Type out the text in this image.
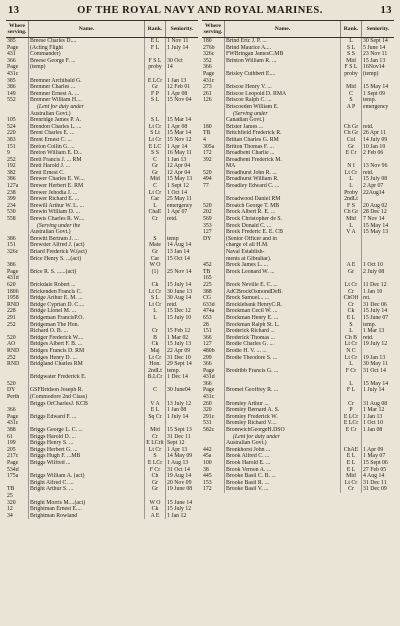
13	OF THE ROYAL NAVY AND ROYAL MARINES.	13
Where serving.	Name.	Rank.	Seniority.
385	Breese Charles D....	E L	1 Nov 11
Page	(Acting Flight	F L	1 July 14
431	Commander)		
366	Breese George F. ...	F S L	30 Oct
Page	(temp)	proby	14
431c			
385	Bremner Archibald G.	E LCr	1 Jan 13
386	Bremner Charles ...	Gr	12 Feb 01
149	Bremner Ernest A. ...	F P	1 Apr 08
552	Bremner William H....	S L	15 Nov 04
	(Lent for duty under		
	Australian Govt.)		
105	Brenridge James P. A.	S L	15 Mar 14
524	Brendon Charles L. ...	Lt Cr	1 Apr 08
220	Brent Charles E. ...	S Lt	15 Mar 14
383	Brent Ernest C. ...	Lt Cr	15 Nov 12
151	Breton Collin G. ...	E LC	1 Apr 14
9	Breton William E. D...	S S	16 May 11
252	Brett Francis J. ... RM	C	1 Jan 13
192	Brett Harold J. ...	Gr	12 Apr 04
382	Brett Ernest C.	Gr	12 Apr 04
386	Brewer Charles E. W....	Mid	15 May 13
127a	Brewer Herbert E. RM	C	1 Sept 12
238	Brewer Jehodia J. ...	Lt Cr	1 Oct 14
399	Brewer Richard E. ...	Car	25 May 11
234	Brewill Arthur W. L. ...	L	emergency
530	Brewin William D. ...	ChaE	1 Apr 07
558	Brewis Charles R. W....	Cr	retd.
	(Serving under the		
	Australian Govt.)		
386	Brewitt Bertram J. ...	S	temp
151	Brewster Alfred J. (act)	Mate	14 Aug 14
326c	Briard Frederick W.(act)	Gr	13 Jan 14
	Brice Henry S. ...(act)	Car	15 Oct 14
386		W O	
Page	Brice R. S. ......(act)	(1)	25 Nov 14
431d			
620	Brickdale Robert ...	Ck	15 July 14
1806	Brickenden Francis C.	Lt Cr	30 June 13
1958	Bridge Arthur E. M. ...	S L	30 Aug 14
RND	Bridge Cyprian D. C....	Lt Cr	retd.
228	Bridge Lionel M. ...	L	15 Dec 12
291	Bridgeman FrancisP.O.	L	15 July 10
252	Bridgeman The Hon.		
	Richard O. B. ...	Cr	15 Feb 12
520	Bridger Frederick W....	B	1 Mar 02
AO	Bridges Albert F. B. ...	Ck	15 July 13
RND	Bridges Francis D. RM	Maj	22 Apr 09
252	Bridges Henry D. ...	Lt Cr	31 Dec 10
RND	Bridgland Charles RM	Hon.	29 Sept 14
		2ndLt	temp.
	Bridgwater Frederick E.	B.LCr	1 Dec 14
520			
DY	GSFBridson Joseph R.	C	30 June04
Perth	(Commodore 2nd Class)		
	Briggs OrCharlesJ. KCB	V A	13 July 12
366		E L	1 Jan 08
Page	Briggs Edward F. ...	Sq Cr	1 July 14
431c			
388	Briggs George L. C. ...	Mid	15 Sept 13
61	Briggs Harold D. ...	Cr	31 Dec 11
199	Briggs Henry S. ...	E LCrlt	Sept 12
205	Briggs Herbert G. ...	Lt Cr	1 Apr 13
217c	Briggs Hugh F. ...MB	S	14 May 09
Page	Briggs Wilfred ...	E LCr	1 Aug 13
534d		F Cr	31 Oct 14
175a	Briggs William A. (act)	Ch	19 Aug 14
	Bright Alfred C. ...	Gr	20 Nov 09
TB	Bright Arthur S. ...	Gr	19 June 08
25			
320	Bright Morris M....(act)	W O	15 June 14
12	Brightman Ernest E....	Ck	15 July 12
34	Brightman Rowland	A E	1 Jan 12
Where serving.	Name.	Rank.	Seniority.
180	Brind Eric J. P. ...	L	30 Sept 14
276b	Brind Maurice A....	S L	5 June 14
326c	FWBringan JamesC.MB	S S	23 Nov 11
352	Brinton William R. ...	Mid	15 Jan 13
366		F S L	16Nov14
Page	Brisley Cuthbert E....	proby	(temp)
431c			
273	Briscoe Henry V. ...	Mid	15 May 14
261	Briscoe Leopold D. RMA	C	1 Sept 09
126	Briscoe Ralph C. ...	S	temp.
	Briscoeden William E.	A P	emergency
	(Serving under		
	Canadian Govt.)		
180	Brister James ...	Ch Gr	retd.
TB	Britchfield Frederick R.	Ch Gr	26 Apr 11
4	Brittan Charles G. RM	Col	14 July 09
305a	Britton Thomas F. ...	Gr	10 Jan 10
172	Broadbent Charlie ...	E Cr	2 Feb 06
392	Broadbent Frederick M.		
	MA	N I	13 Nov 96
520	Broadhurst John R. ...	Lt Cr	retd.
494	Broadhurst William R.	L	15 July 08
77	Broadley Edward C. ...	L	2 Apr 07
		Proby	22Aug14
	Broadwood Daniel RM	2ndLt	
520	Broatch George T. MB	F S	20 Aug 02
202	Brock Albert R. E. ...	Ch Gr	28 Dec 12
569	Brock Christopher de S.	Mid	7 Nov 14
353	Brock Donald C. ...	L	15 May 14
127	Brock Frederic E. E. CB	V A	15 May 13
DY	(Senior Officer and in		
	charge of all H.M.		
	Naval Establish-		
	ments at Gibraltar).		
452	Brock James L. ...	A E	1 Oct 10
TB	Brock Leonard W. ...	Gr	2 July 08
165			
225	Brock Neville E. C. ...	Lt Cr	11 Dec 12
388	AdCBrockOsmondDeB.	Cr	1 Jan 10
CG	Brock Samuel... ...	ChOff	ret.
633d	Brocklebank HenryC.R.	Cr	31 Dec 06
474a	Brockman Cecil W. ...	Ck	15 July 14
653	Brockman Henry E. ...	E L	15 June 07
28	Brockman Ralph St. L.	S	temp.
151	Broderick Richard ...	L	1 Mar 13
366	Broderick Thomas ...	Ch B	retd.
127	Brodie Charles G. ...	Lt Cr	19 July 12

480b	Brodie H. V. ... ...	N C	
299	Brodie Theodore S. ...	Lt Cr	19 Jan 13
366		L	30 May 11
Page	Brodribb Francis G. ...	F Cr	31 Oct 14
431d			
366		L	15 May 14
Page	Bromet Geoffrey R. ...	F L	1 July 14
431c			
260	Bromley Arthur ...	Cr	31 Aug 08
320	Bromley Bernard A. S.	P	1 Mar 12
291c	Bromley Frederick W.	E LCr	1 Jan 13
531	Bromley Richard V....	E LCr	1 Oct 10
582c	BromwichGeorgeH.DSO	E Cr	1 Jan 08
	(Lent for duty under		
	Australian Govt.)		
442	Bronkhorst John ...	ChAE	1 Apr 09
45a	Brook Alfred C. ...	E L	1 May 07
100	Brook Harold E. ...	E L	15 Sept 06
38	Brook Vernon A. ...	E L	27 Feb 05
445	Brooke Basil C. B. ...	Mid	4 Aug 14
153	Brooke Basil R. ...	Lt Cr	31 Dec 11
172	Brooke Basil V. ...	Cr	31 Dec 09
